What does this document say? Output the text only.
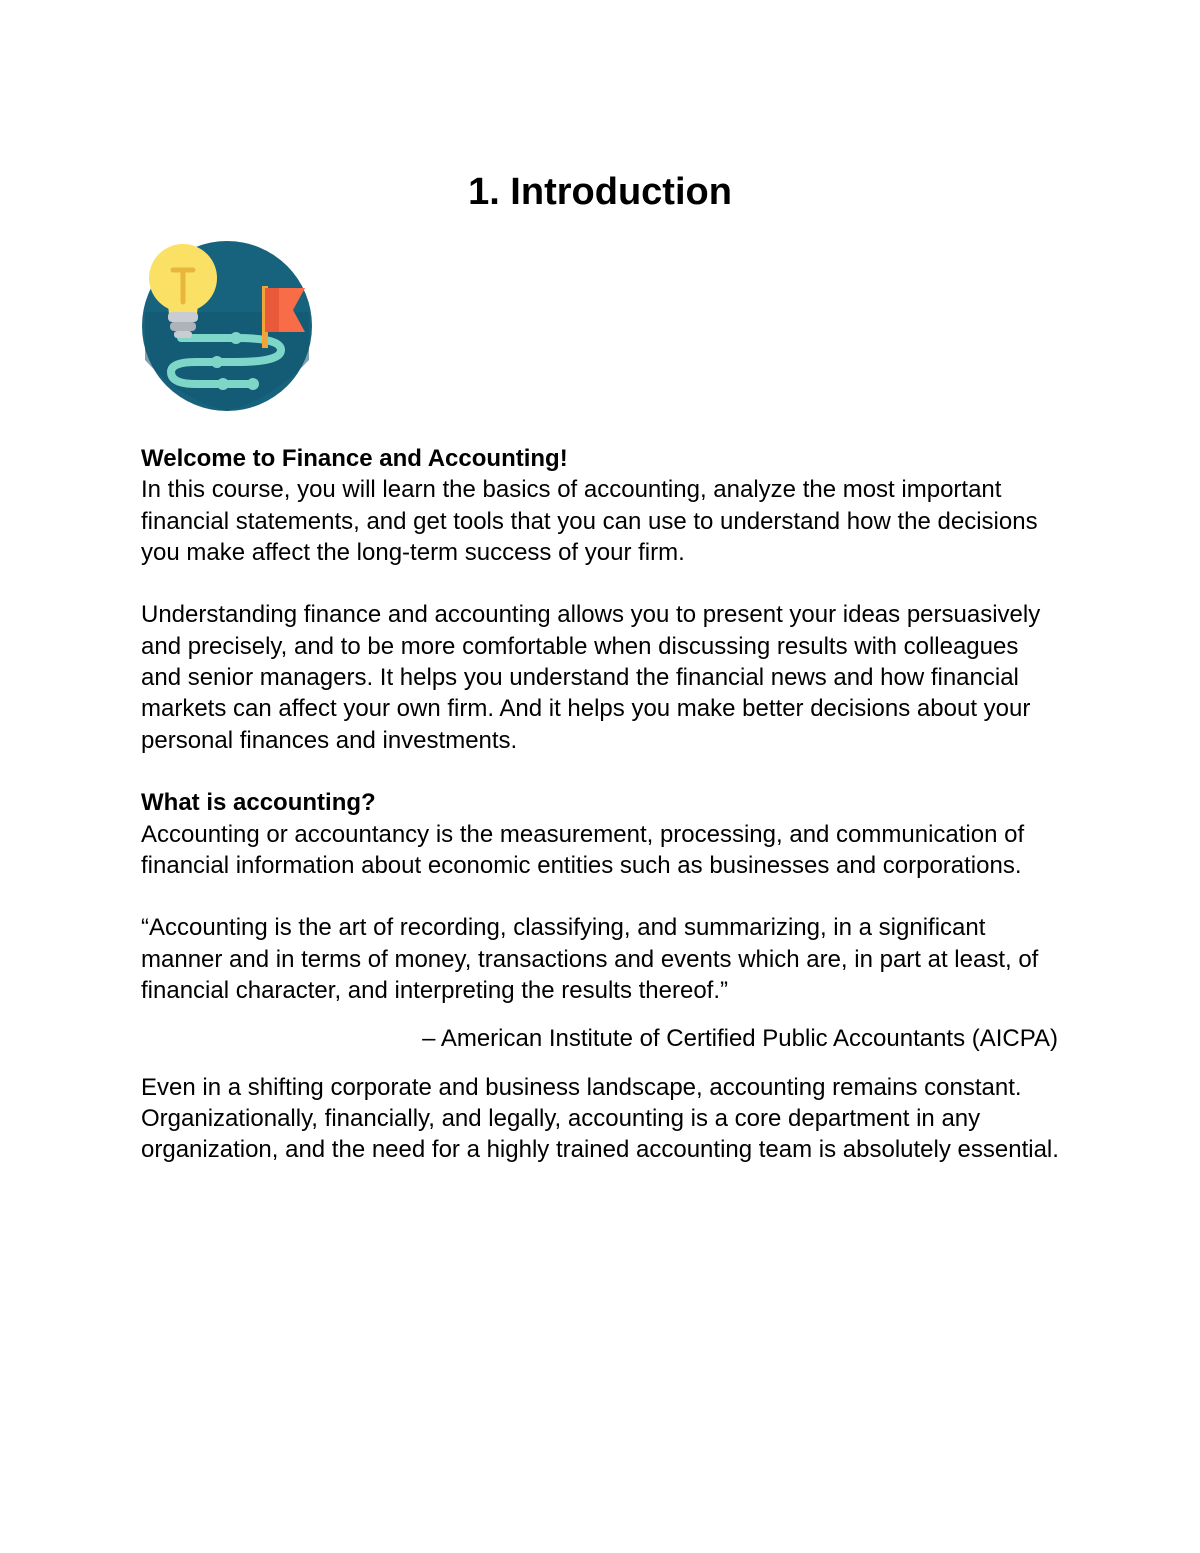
1. Introduction

Welcome to Finance and Accounting!

In this course, you will learn the basics of accounting, analyze the most important financial statements, and get tools that you can use to understand how the decisions you make affect the long-term success of your firm.

Understanding finance and accounting allows you to present your ideas persuasively and precisely, and to be more comfortable when discussing results with colleagues and senior managers. It helps you understand the financial news and how financial markets can affect your own firm. And it helps you make better decisions about your personal finances and investments.

What is accounting?

Accounting or accountancy is the measurement, processing, and communication of financial information about economic entities such as businesses and corporations.

“Accounting is the art of recording, classifying, and summarizing, in a significant manner and in terms of money, transactions and events which are, in part at least, of financial character, and interpreting the results thereof.”

– American Institute of Certified Public Accountants (AICPA)

Even in a shifting corporate and business landscape, accounting remains constant. Organizationally, financially, and legally, accounting is a core department in any organization, and the need for a highly trained accounting team is absolutely essential.
